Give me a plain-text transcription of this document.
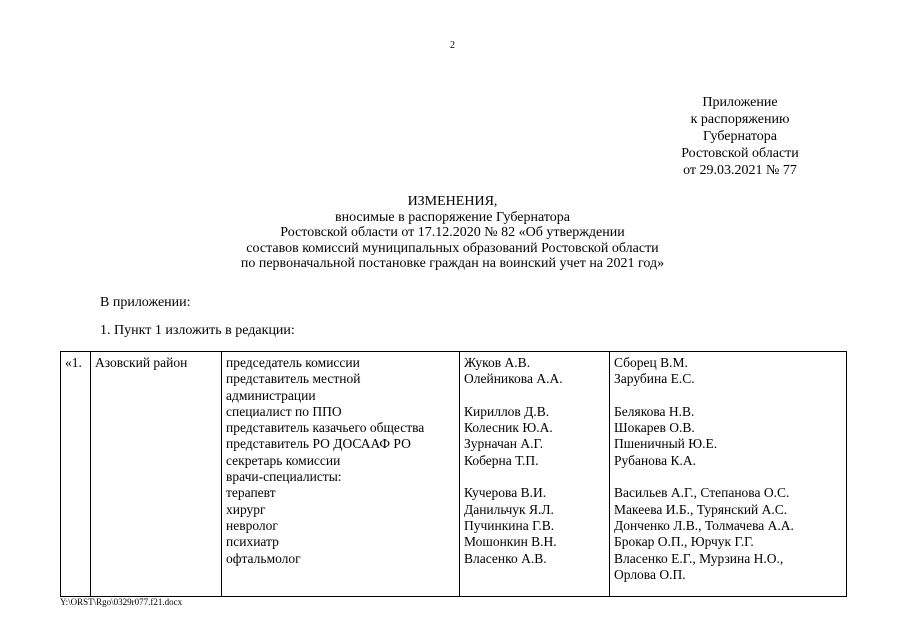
2
Приложение
к распоряжению
Губернатора
Ростовской области
от 29.03.2021 № 77
ИЗМЕНЕНИЯ,
вносимые в распоряжение Губернатора
Ростовской области от 17.12.2020 № 82 «Об утверждении
составов комиссий муниципальных образований Ростовской области
по первоначальной постановке граждан на воинский учет на 2021 год»
В приложении:
1. Пункт 1 изложить в редакции:
«1. Азовский район	председатель комиссии
представитель местной
администрации
специалист по ППО
представитель казачьего общества
представитель РО ДОСААФ РО
секретарь комиссии
врачи-специалисты:
терапевт
хирург
невролог
психиатр
офтальмолог
Жуков А.В.
Олейникова А.А.
Кириллов Д.В.
Колесник Ю.А.
Зурначан А.Г.
Коберна Т.П.
Кучерова В.И.
Данильчук Я.Л.
Пучинкина Г.В.
Мошонкин В.Н.
Власенко А.В.
Сборец В.М.
Зарубина Е.С.
Белякова Н.В.
Шокарев О.В.
Пшеничный Ю.Е.
Рубанова К.А.
Васильев А.Г., Степанова О.С.
Макеева И.Б., Турянский А.С.
Донченко Л.В., Толмачева А.А.
Брокар О.П., Юрчук Г.Г.
Власенко Е.Г., Мурзина Н.О.,
Орлова О.П.
Y:\ORST\Rgo\0329r077.f21.docx
